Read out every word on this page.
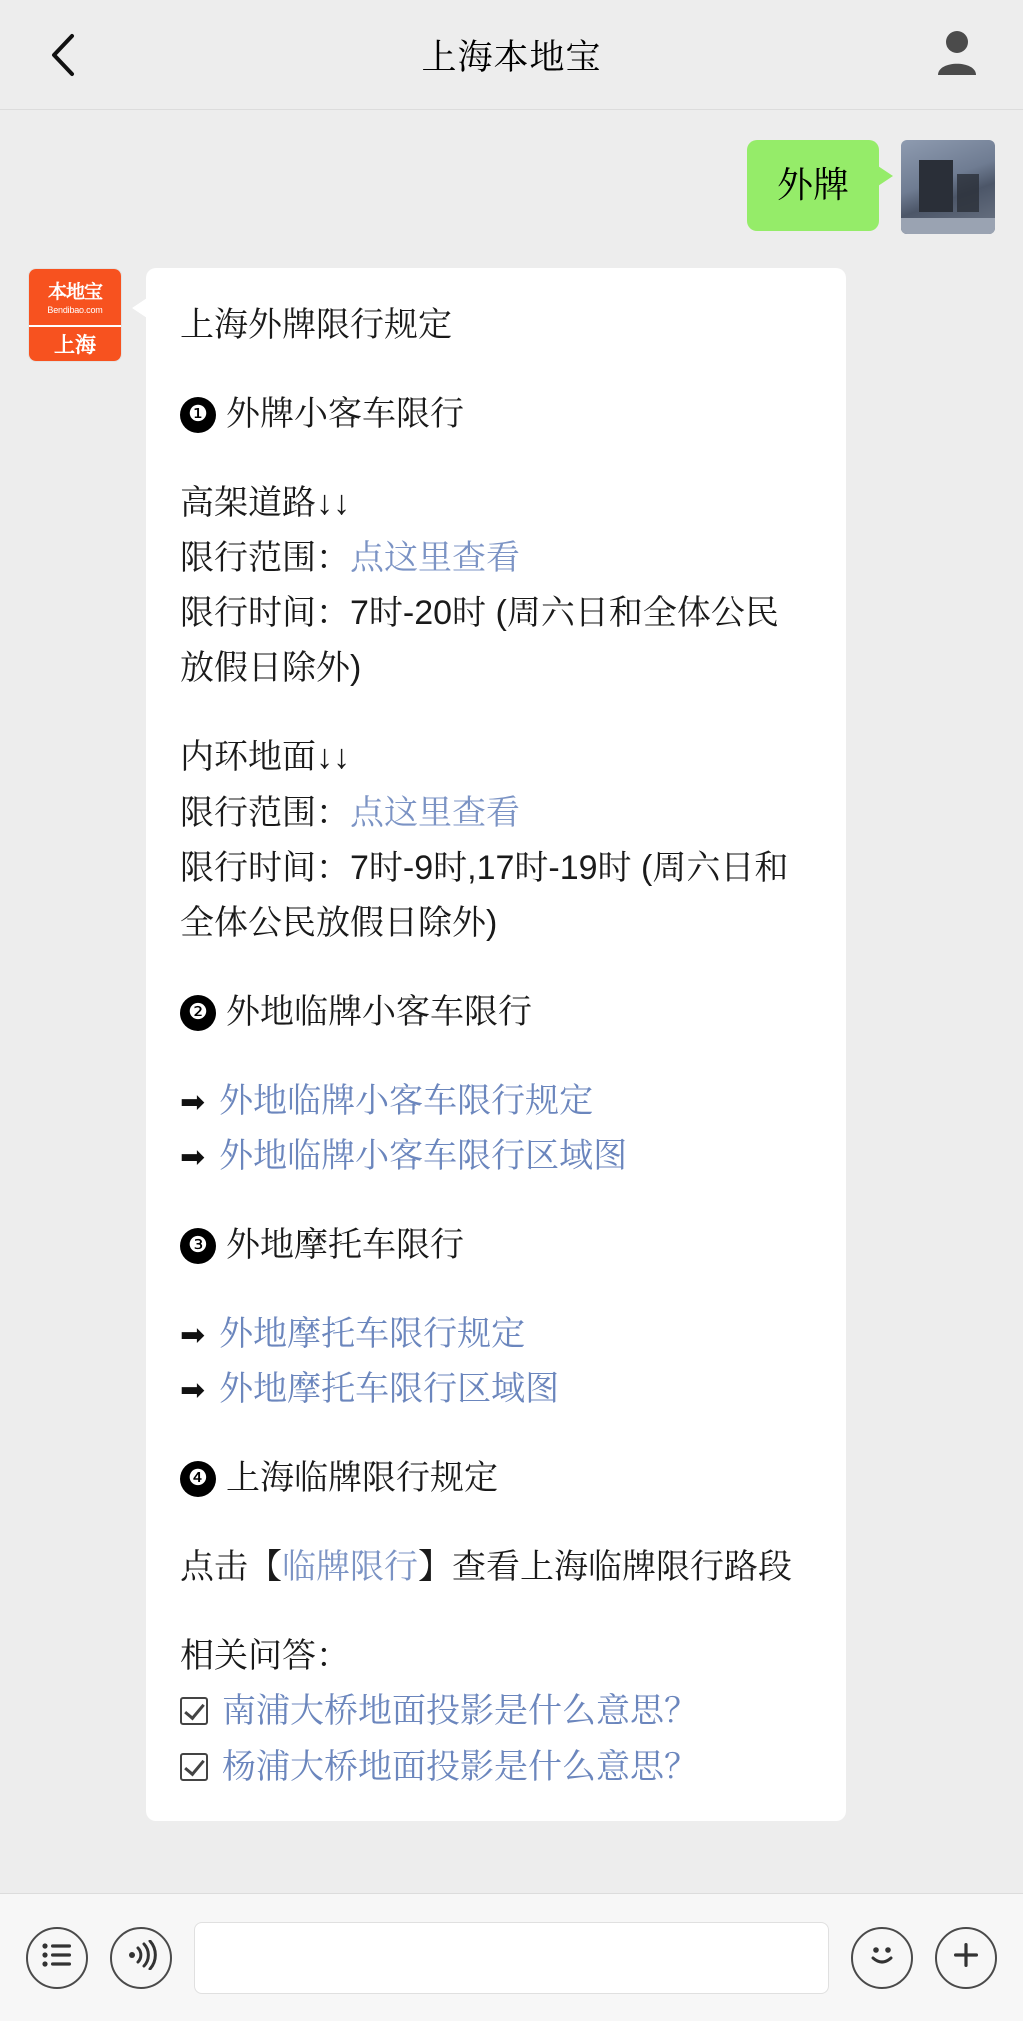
上海本地宝
外牌
本地宝
Bendibao.com
上海
上海外牌限行规定
❶ 外牌小客车限行
高架道路↓↓
限行范围：点这里查看
限行时间：7时-20时 (周六日和全体公民放假日除外)
内环地面↓↓
限行范围：点这里查看
限行时间：7时-9时,17时-19时 (周六日和全体公民放假日除外)
❷ 外地临牌小客车限行
➡ 外地临牌小客车限行规定
➡ 外地临牌小客车限行区域图
❸ 外地摩托车限行
➡ 外地摩托车限行规定
➡ 外地摩托车限行区域图
❹ 上海临牌限行规定
点击【临牌限行】查看上海临牌限行路段
相关问答：
南浦大桥地面投影是什么意思？
杨浦大桥地面投影是什么意思？
